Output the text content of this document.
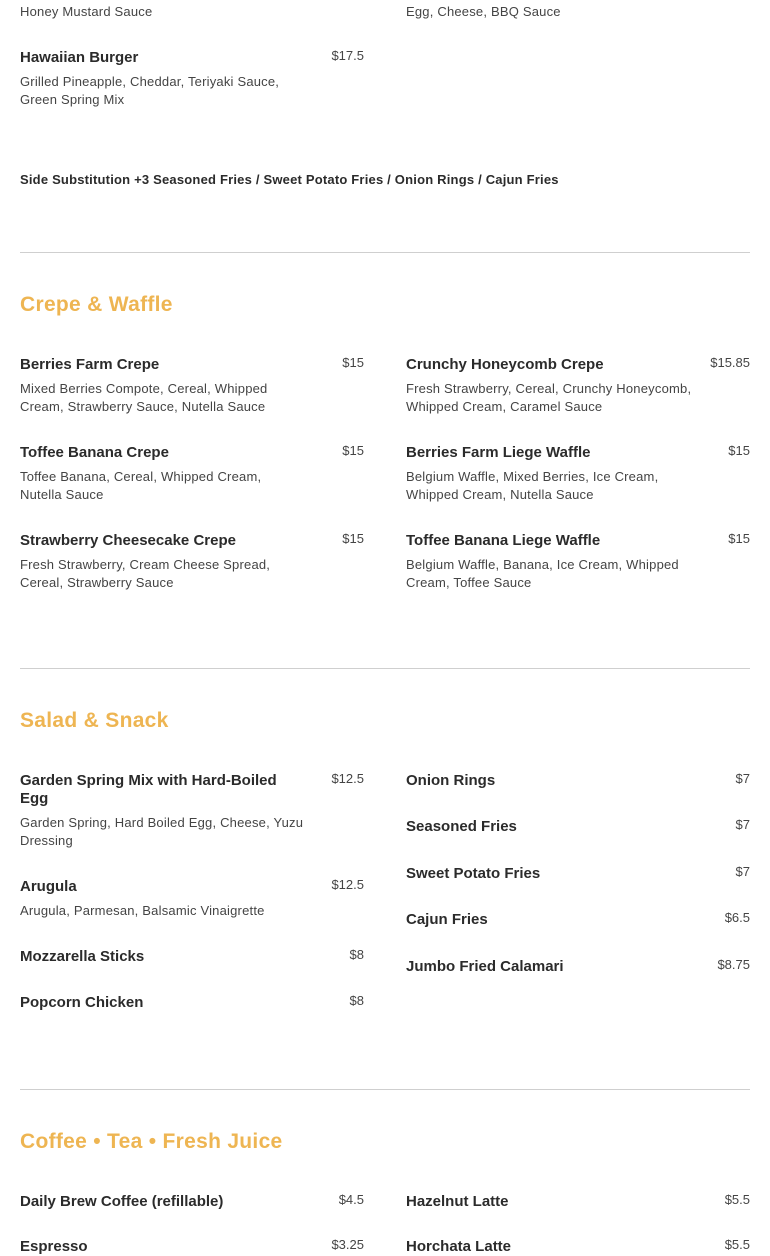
Honey Mustard Sauce	Egg, Cheese, BBQ Sauce
Hawaiian Burger	$17.5
Grilled Pineapple, Cheddar, Teriyaki Sauce, Green Spring Mix
Side Substitution +3 Seasoned Fries / Sweet Potato Fries / Onion Rings / Cajun Fries
Crepe & Waffle
Berries Farm Crepe	$15
Mixed Berries Compote, Cereal, Whipped Cream, Strawberry Sauce, Nutella Sauce
Crunchy Honeycomb Crepe	$15.85
Fresh Strawberry, Cereal, Crunchy Honeycomb, Whipped Cream, Caramel Sauce
Toffee Banana Crepe	$15
Toffee Banana, Cereal, Whipped Cream, Nutella Sauce
Berries Farm Liege Waffle	$15
Belgium Waffle, Mixed Berries, Ice Cream, Whipped Cream, Nutella Sauce
Strawberry Cheesecake Crepe	$15
Fresh Strawberry, Cream Cheese Spread, Cereal, Strawberry Sauce
Toffee Banana Liege Waffle	$15
Belgium Waffle, Banana, Ice Cream, Whipped Cream, Toffee Sauce
Salad & Snack
Garden Spring Mix with Hard-Boiled Egg
$12.5
Garden Spring, Hard Boiled Egg, Cheese, Yuzu Dressing
Arugula	$12.5
Arugula, Parmesan, Balsamic Vinaigrette
Mozzarella Sticks	$8
Popcorn Chicken	$8
Onion Rings	$7
Seasoned Fries	$7
Sweet Potato Fries	$7
Cajun Fries	$6.5
Jumbo Fried Calamari	$8.75
Coffee • Tea • Fresh Juice
Daily Brew Coffee (refillable)	$4.5	Hazelnut Latte	$5.5
Espresso	$3.25	Horchata Latte	$5.5
